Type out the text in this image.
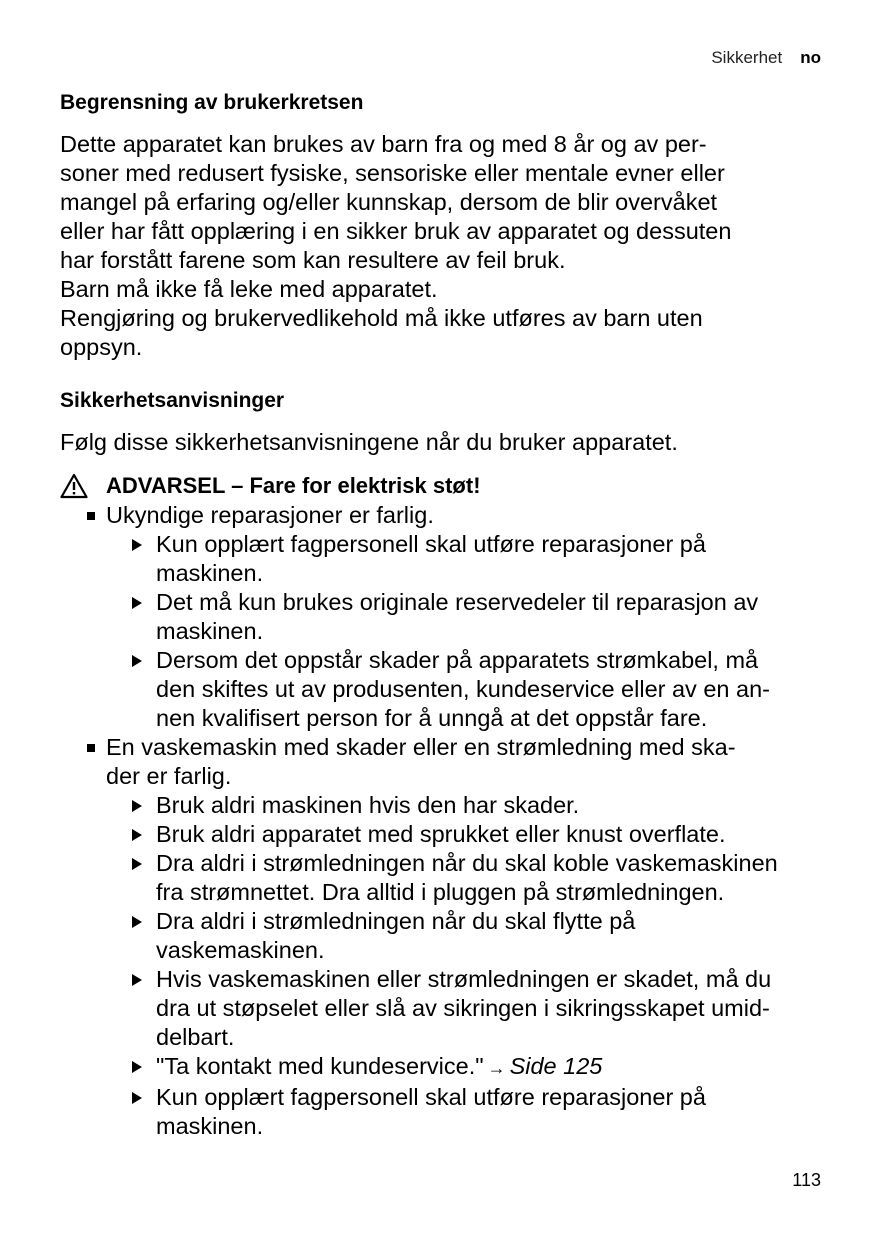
Sikkerhet no
Begrensning av brukerkretsen

Dette apparatet kan brukes av barn fra og med 8 år og av per-
soner med redusert fysiske, sensoriske eller mentale evner eller
mangel på erfaring og/eller kunnskap, dersom de blir overvåket
eller har fått opplæring i en sikker bruk av apparatet og dessuten
har forstått farene som kan resultere av feil bruk.
Barn må ikke få leke med apparatet.
Rengjøring og brukervedlikehold må ikke utføres av barn uten
oppsyn.

Sikkerhetsanvisninger

Følg disse sikkerhetsanvisningene når du bruker apparatet.

ADVARSEL – Fare for elektrisk støt!
Ukyndige reparasjoner er farlig.
Kun opplært fagpersonell skal utføre reparasjoner på
maskinen.
Det må kun brukes originale reservedeler til reparasjon av
maskinen.
Dersom det oppstår skader på apparatets strømkabel, må
den skiftes ut av produsenten, kundeservice eller av en an-
nen kvalifisert person for å unngå at det oppstår fare.
En vaskemaskin med skader eller en strømledning med ska-
der er farlig.
Bruk aldri maskinen hvis den har skader.
Bruk aldri apparatet med sprukket eller knust overflate.
Dra aldri i strømledningen når du skal koble vaskemaskinen
fra strømnettet. Dra alltid i pluggen på strømledningen.
Dra aldri i strømledningen når du skal flytte på
vaskemaskinen.
Hvis vaskemaskinen eller strømledningen er skadet, må du
dra ut støpselet eller slå av sikringen i sikringsskapet umid-
delbart.
"Ta kontakt med kundeservice." → Side 125
Kun opplært fagpersonell skal utføre reparasjoner på
maskinen.
113
